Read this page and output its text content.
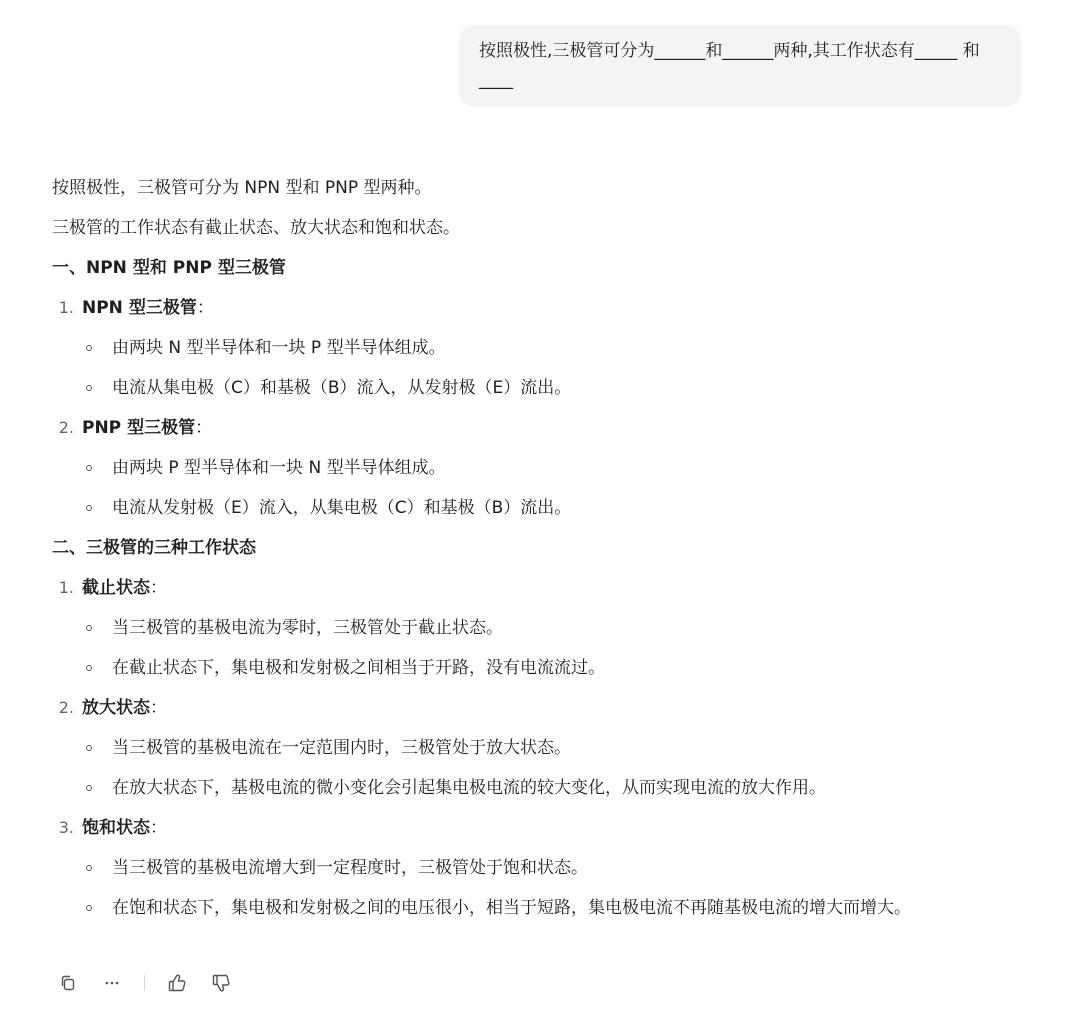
按照极性,三极管可分为______和______两种,其工作状态有_____ 和 ____
按照极性，三极管可分为 NPN 型和 PNP 型两种。
三极管的工作状态有截止状态、放大状态和饱和状态。
一、NPN 型和 PNP 型三极管
1. NPN 型三极管：
由两块 N 型半导体和一块 P 型半导体组成。
电流从集电极（C）和基极（B）流入，从发射极（E）流出。
2. PNP 型三极管：
由两块 P 型半导体和一块 N 型半导体组成。
电流从发射极（E）流入，从集电极（C）和基极（B）流出。
二、三极管的三种工作状态
1. 截止状态：
当三极管的基极电流为零时，三极管处于截止状态。
在截止状态下，集电极和发射极之间相当于开路，没有电流流过。
2. 放大状态：
当三极管的基极电流在一定范围内时，三极管处于放大状态。
在放大状态下，基极电流的微小变化会引起集电极电流的较大变化，从而实现电流的放大作用。
3. 饱和状态：
当三极管的基极电流增大到一定程度时，三极管处于饱和状态。
在饱和状态下，集电极和发射极之间的电压很小，相当于短路，集电极电流不再随基极电流的增大而增大。
